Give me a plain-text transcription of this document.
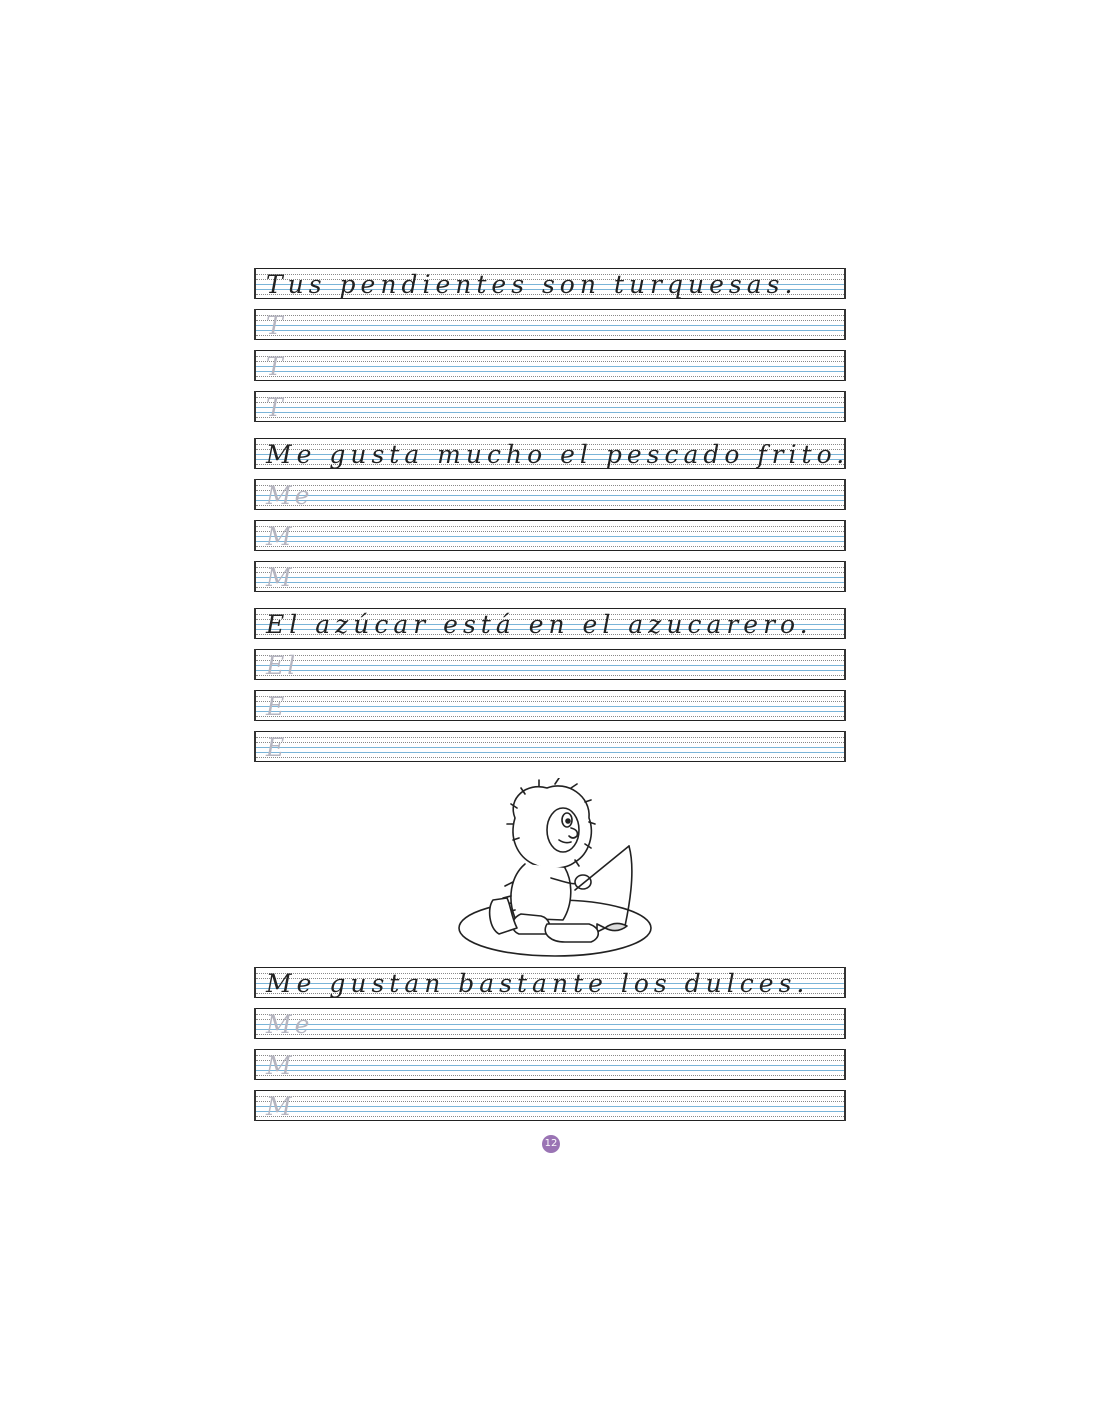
Tus pendientes son turquesas.
T
T
T
Me gusta mucho el pescado frito.
Me
M
M
El azúcar está en el azucarero.
El
E
E
Me gustan bastante los dulces.
Me
M
M
12
